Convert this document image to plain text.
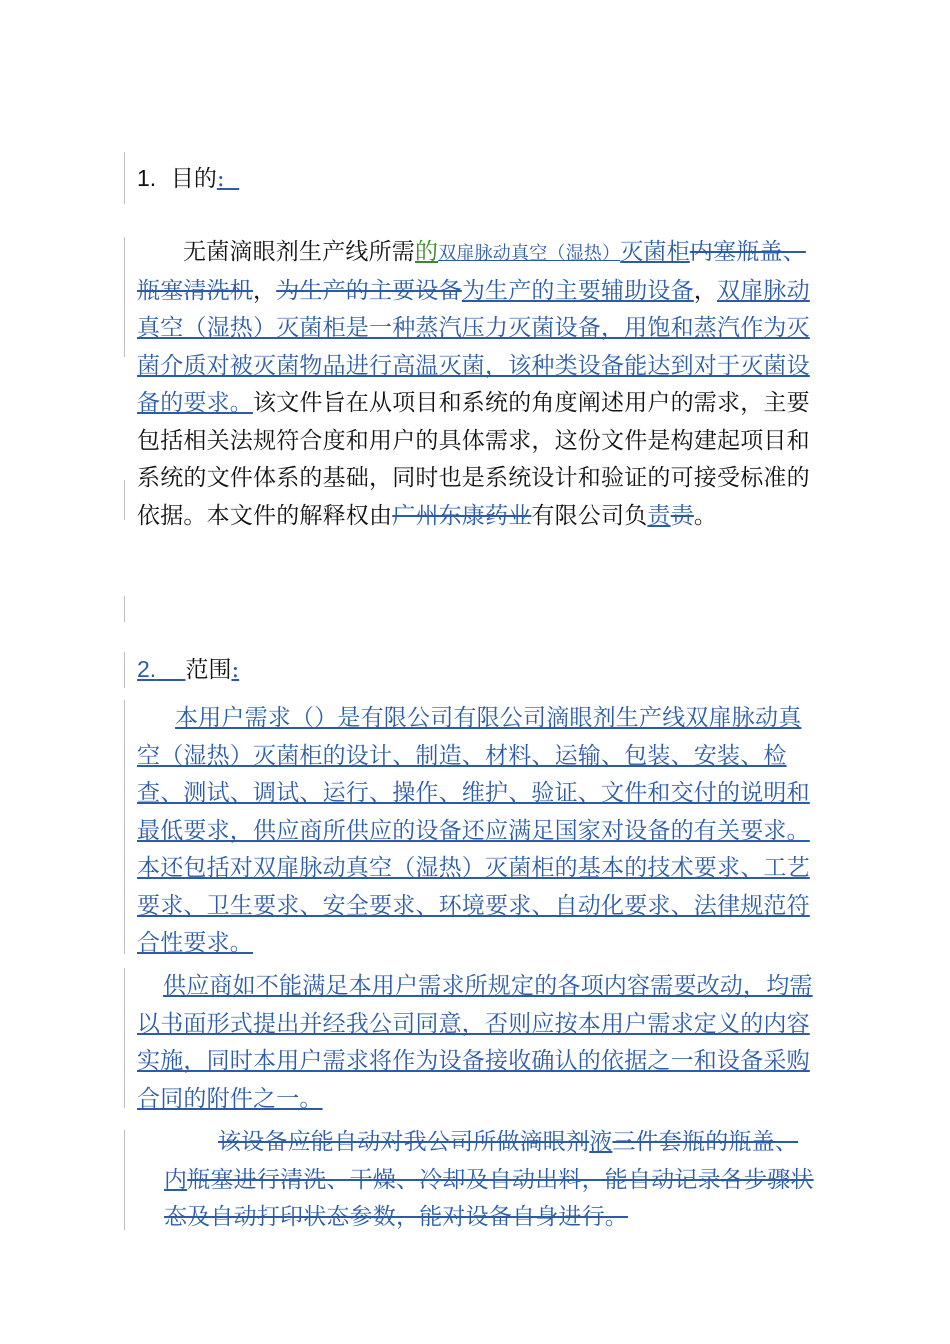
1. 目的:

无菌滴眼剂生产线所需的双扉脉动真空（湿热）灭菌柜内塞瓶盖、瓶塞清洗机，为生产的主要设备为生产的主要辅助设备，双扉脉动真空（湿热）灭菌柜是一种蒸汽压力灭菌设备，用饱和蒸汽作为灭菌介质对被灭菌物品进行高温灭菌，该种类设备能达到对于灭菌设备的要求。该文件旨在从项目和系统的角度阐述用户的需求，主要包括相关法规符合度和用户的具体需求，这份文件是构建起项目和系统的文件体系的基础，同时也是系统设计和验证的可接受标准的依据。本文件的解释权由广州东康药业有限公司负责责。

2. 范围:

本用户需求（）是有限公司有限公司滴眼剂生产线双扉脉动真空（湿热）灭菌柜的设计、制造、材料、运输、包装、安装、检查、测试、调试、运行、操作、维护、验证、文件和交付的说明和最低要求，供应商所供应的设备还应满足国家对设备的有关要求。本还包括对双扉脉动真空（湿热）灭菌柜的基本的技术要求、工艺要求、卫生要求、安全要求、环境要求、自动化要求、法律规范符合性要求。

供应商如不能满足本用户需求所规定的各项内容需要改动，均需以书面形式提出并经我公司同意，否则应按本用户需求定义的内容实施，同时本用户需求将作为设备接收确认的依据之一和设备采购合同的附件之一。

该设备应能自动对我公司所做滴眼剂液三件套瓶的瓶盖、内瓶塞进行清洗、干燥、冷却及自动出料，能自动记录各步骤状态及自动打印状态参数，能对设备自身进行。
